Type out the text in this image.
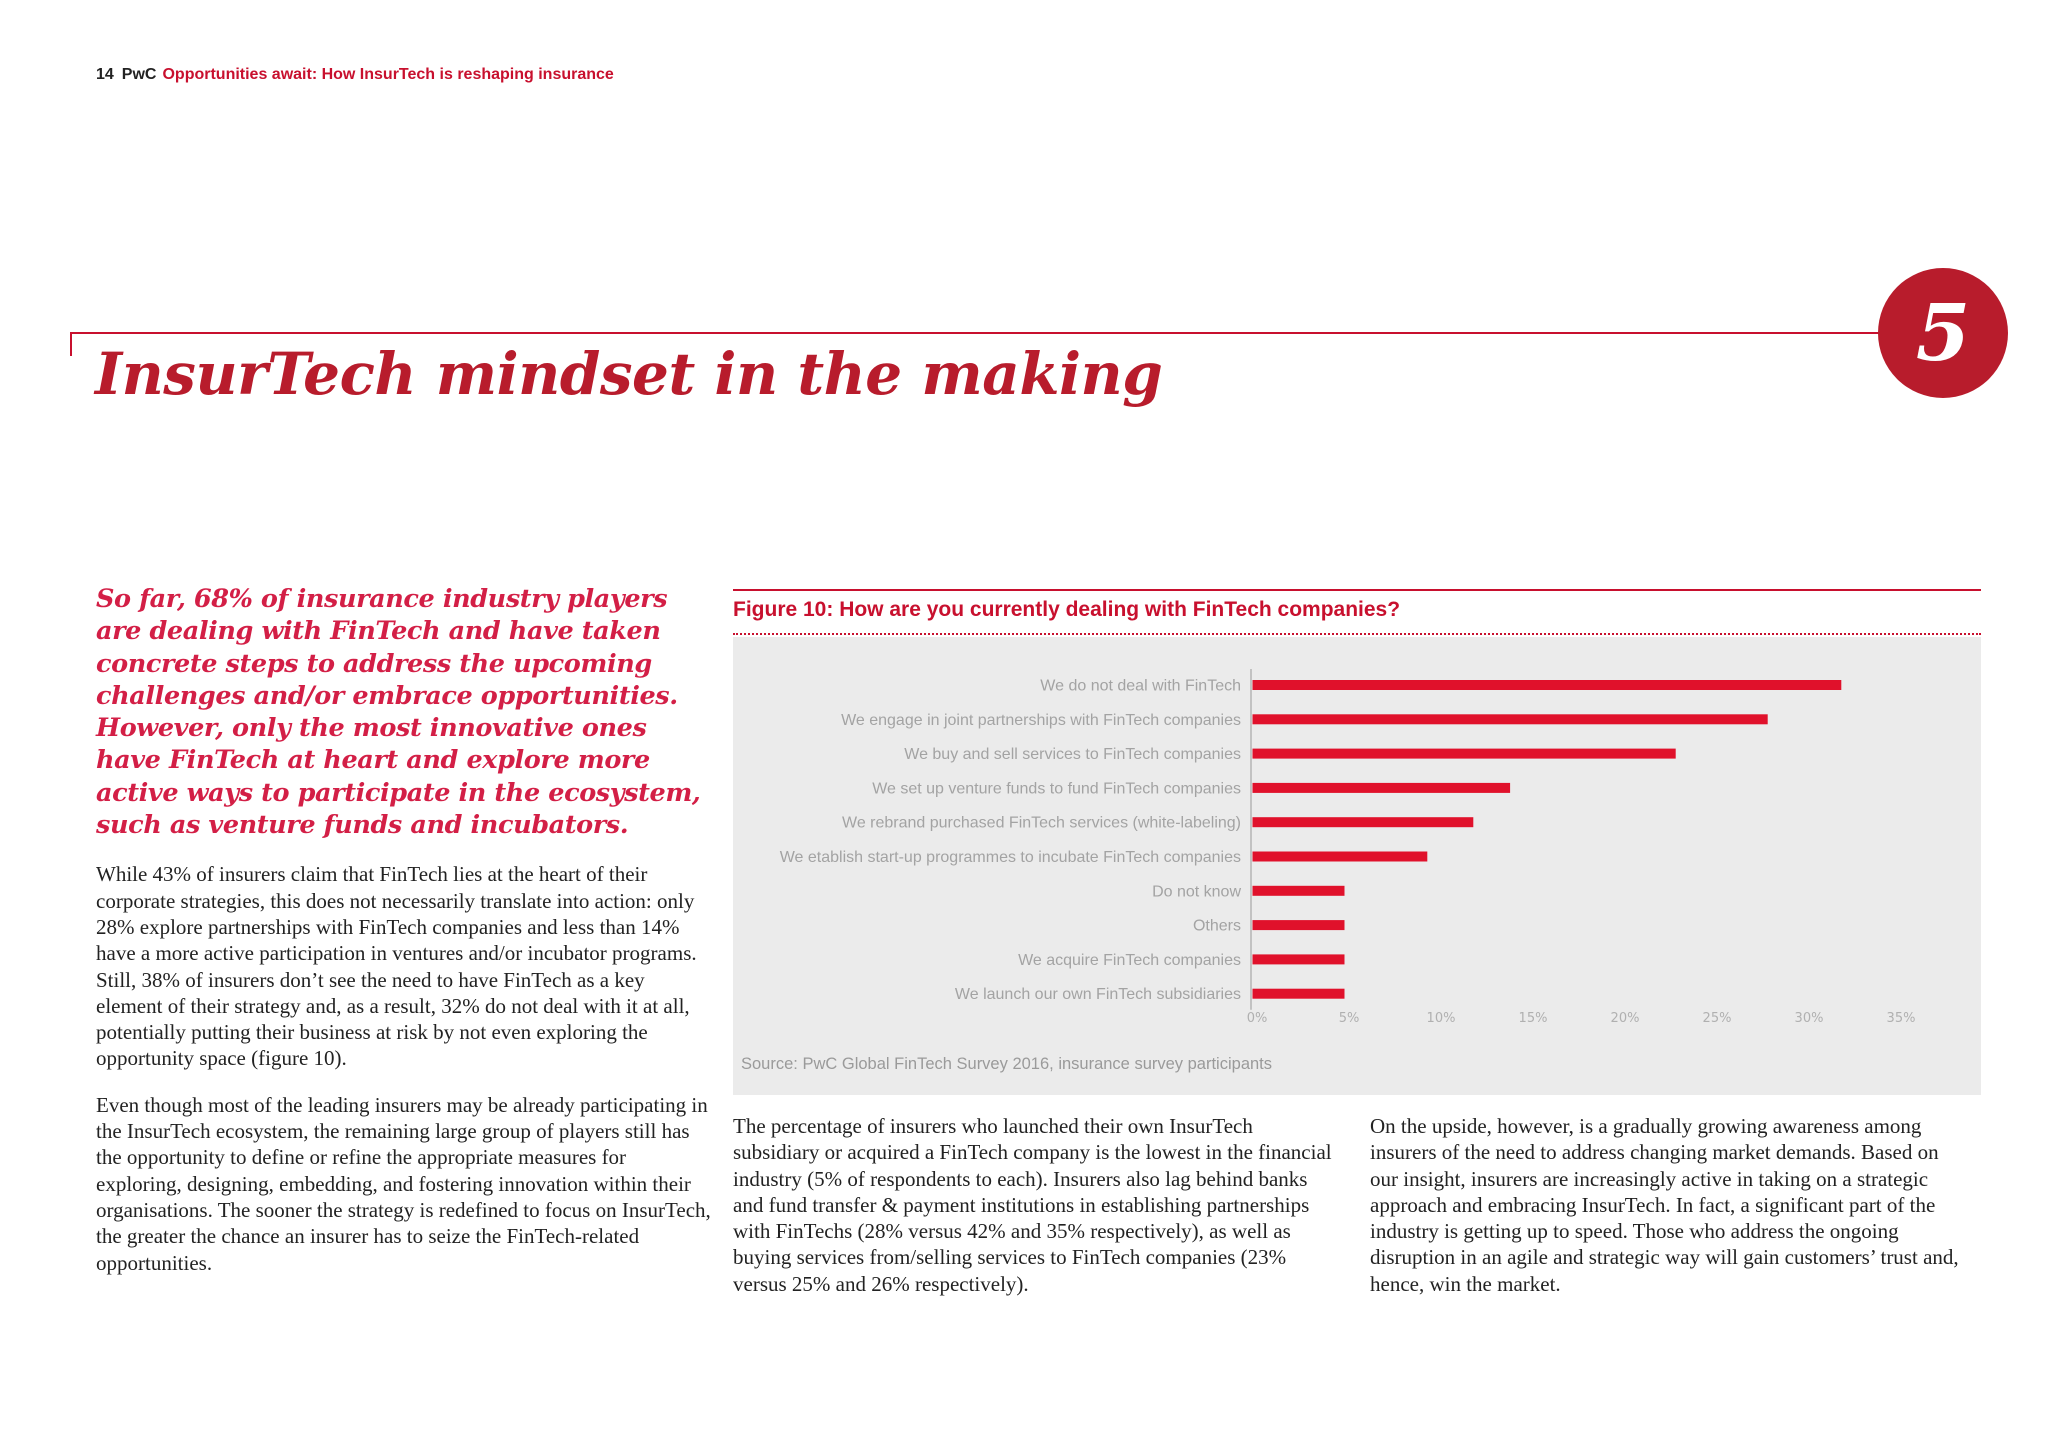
14 PwC Opportunities await: How InsurTech is reshaping insurance
5
InsurTech mindset in the making

So far, 68% of insurance industry players are dealing with FinTech and have taken concrete steps to address the upcoming challenges and/or embrace opportunities. However, only the most innovative ones have FinTech at heart and explore more active ways to participate in the ecosystem, such as venture funds and incubators.

While 43% of insurers claim that FinTech lies at the heart of their corporate strategies, this does not necessarily translate into action: only 28% explore partnerships with FinTech companies and less than 14% have a more active participation in ventures and/or incubator programs. Still, 38% of insurers don’t see the need to have FinTech as a key element of their strategy and, as a result, 32% do not deal with it at all, potentially putting their business at risk by not even exploring the opportunity space (figure 10).

Even though most of the leading insurers may be already participating in the InsurTech ecosystem, the remaining large group of players still has the opportunity to define or refine the appropriate measures for exploring, designing, embedding, and fostering innovation within their organisations. The sooner the strategy is redefined to focus on InsurTech, the greater the chance an insurer has to seize the FinTech-related opportunities.

Figure 10: How are you currently dealing with FinTech companies?
We do not deal with FinTech
We engage in joint partnerships with FinTech companies
We buy and sell services to FinTech companies
We set up venture funds to fund FinTech companies
We rebrand purchased FinTech services (white-labeling)
We etablish start-up programmes to incubate FinTech companies
Do not know
Others
We acquire FinTech companies
We launch our own FinTech subsidiaries
0%	5%	10%	15%	20%	25%	30%	35%
Source: PwC Global FinTech Survey 2016, insurance survey participants

The percentage of insurers who launched their own InsurTech subsidiary or acquired a FinTech company is the lowest in the financial industry (5% of respondents to each). Insurers also lag behind banks and fund transfer & payment institutions in establishing partnerships with FinTechs (28% versus 42% and 35% respectively), as well as buying services from/selling services to FinTech companies (23% versus 25% and 26% respectively).

On the upside, however, is a gradually growing awareness among insurers of the need to address changing market demands. Based on our insight, insurers are increasingly active in taking on a strategic approach and embracing InsurTech. In fact, a significant part of the industry is getting up to speed. Those who address the ongoing disruption in an agile and strategic way will gain customers’ trust and, hence, win the market.
